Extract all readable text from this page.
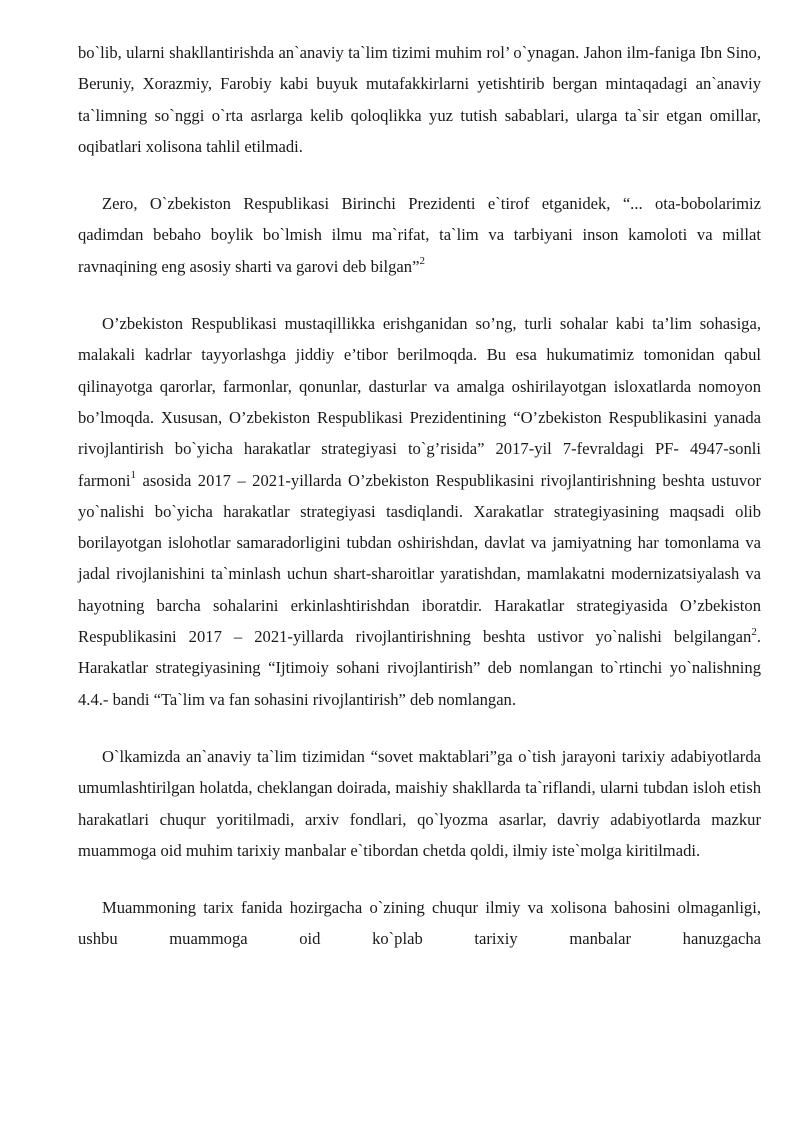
bo`lib, ularni shakllantirishda an`anaviy ta`lim tizimi muhim rol’ o`ynagan. Jahon ilm-faniga Ibn Sino, Beruniy, Xorazmiy, Farobiy kabi buyuk mutafakkirlarni yetishtirib bergan mintaqadagi an`anaviy ta`limning so`nggi o`rta asrlarga kelib qoloqlikka yuz tutish sabablari, ularga ta`sir etgan omillar, oqibatlari xolisona tahlil etilmadi.

Zero, O`zbekiston Respublikasi Birinchi Prezidenti e`tirof etganidek, “... ota-bobolarimiz qadimdan bebaho boylik bo`lmish ilmu ma`rifat, ta`lim va tarbiyani inson kamoloti va millat ravnaqining eng asosiy sharti va garovi deb bilgan”$^2$

O’zbekiston Respublikasi mustaqillikka erishganidan so’ng, turli sohalar kabi ta’lim sohasiga, malakali kadrlar tayyorlashga jiddiy e’tibor berilmoqda. Bu esa hukumatimiz tomonidan qabul qilinayotga qarorlar, farmonlar, qonunlar, dasturlar va amalga oshirilayotgan isloxatlarda nomoyon bo’lmoqda. Xususan, O’zbekiston Respublikasi Prezidentining “O’zbekiston Respublikasini yanada rivojlantirish bo`yicha harakatlar strategiyasi to`g’risida” 2017-yil 7-fevraldagi PF- 4947-sonli farmoni$^1$ asosida 2017 – 2021-yillarda O’zbekiston Respublikasini rivojlantirishning beshta ustuvor yo`nalishi bo`yicha harakatlar strategiyasi tasdiqlandi. Xarakatlar strategiyasining maqsadi olib borilayotgan islohotlar samaradorligini tubdan oshirishdan, davlat va jamiyatning har tomonlama va jadal rivojlanishini ta`minlash uchun shart-sharoitlar yaratishdan, mamlakatni modernizatsiyalash va hayotning barcha sohalarini erkinlashtirishdan iboratdir. Harakatlar strategiyasida O’zbekiston Respublikasini 2017 – 2021-yillarda rivojlantirishning beshta ustivor yo`nalishi belgilangan$^2$. Harakatlar strategiyasining “Ijtimoiy sohani rivojlantirish” deb nomlangan to`rtinchi yo`nalishning 4.4.- bandi “Ta`lim va fan sohasini rivojlantirish” deb nomlangan.

O`lkamizda an`anaviy ta`lim tizimidan “sovet maktablari”ga o`tish jarayoni tarixiy adabiyotlarda umumlashtirilgan holatda, cheklangan doirada, maishiy shakllarda ta`riflandi, ularni tubdan isloh etish harakatlari chuqur yoritilmadi, arxiv fondlari, qo`lyozma asarlar, davriy adabiyotlarda mazkur muammoga oid muhim tarixiy manbalar e`tibordan chetda qoldi, ilmiy iste`molga kiritilmadi.

Muammoning tarix fanida hozirgacha o`zining chuqur ilmiy va xolisona bahosini olmaganligi, ushbu muammoga oid ko`plab tarixiy manbalar hanuzgacha
